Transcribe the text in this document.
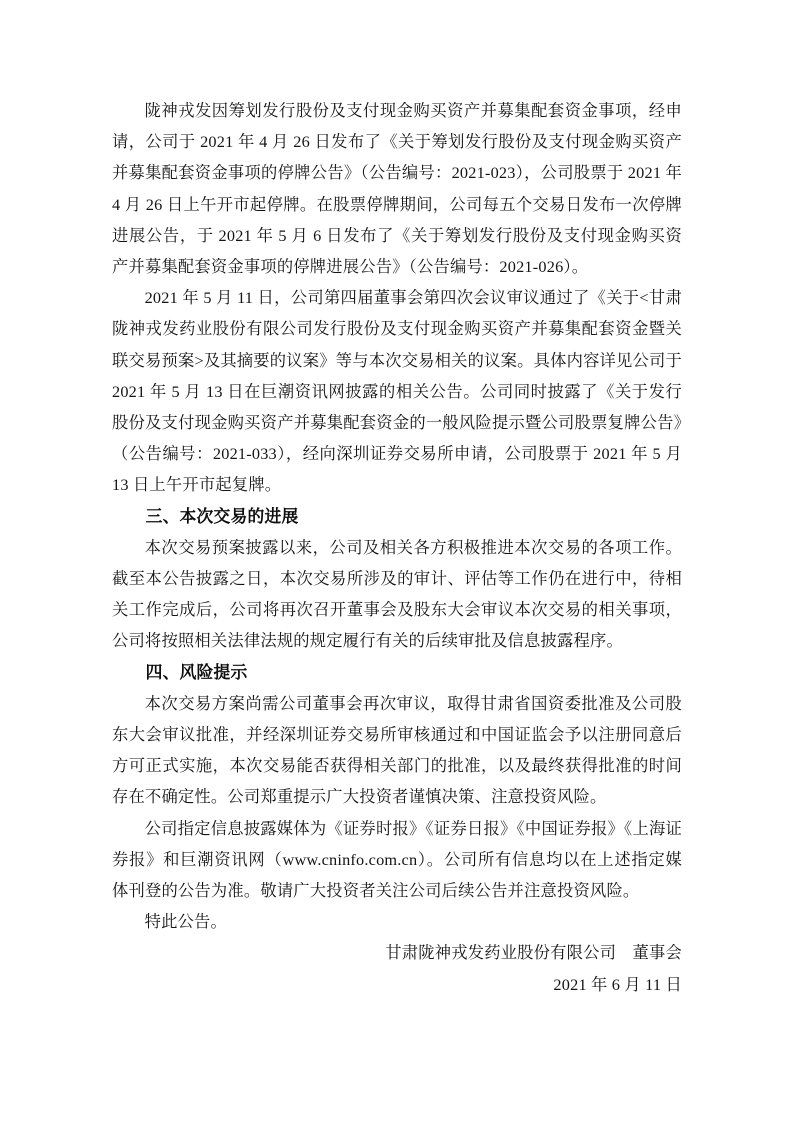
陇神戎发因筹划发行股份及支付现金购买资产并募集配套资金事项，经申请，公司于 2021 年 4 月 26 日发布了《关于筹划发行股份及支付现金购买资产并募集配套资金事项的停牌公告》（公告编号：2021-023），公司股票于 2021 年 4 月 26 日上午开市起停牌。在股票停牌期间，公司每五个交易日发布一次停牌进展公告，于 2021 年 5 月 6 日发布了《关于筹划发行股份及支付现金购买资产并募集配套资金事项的停牌进展公告》（公告编号：2021-026）。

2021 年 5 月 11 日，公司第四届董事会第四次会议审议通过了《关于<甘肃陇神戎发药业股份有限公司发行股份及支付现金购买资产并募集配套资金暨关联交易预案>及其摘要的议案》等与本次交易相关的议案。具体内容详见公司于 2021 年 5 月 13 日在巨潮资讯网披露的相关公告。公司同时披露了《关于发行股份及支付现金购买资产并募集配套资金的一般风险提示暨公司股票复牌公告》（公告编号：2021-033），经向深圳证券交易所申请，公司股票于 2021 年 5 月 13 日上午开市起复牌。

三、本次交易的进展

本次交易预案披露以来，公司及相关各方积极推进本次交易的各项工作。截至本公告披露之日，本次交易所涉及的审计、评估等工作仍在进行中，待相关工作完成后，公司将再次召开董事会及股东大会审议本次交易的相关事项，公司将按照相关法律法规的规定履行有关的后续审批及信息披露程序。

四、风险提示

本次交易方案尚需公司董事会再次审议，取得甘肃省国资委批准及公司股东大会审议批准，并经深圳证券交易所审核通过和中国证监会予以注册同意后方可正式实施，本次交易能否获得相关部门的批准，以及最终获得批准的时间存在不确定性。公司郑重提示广大投资者谨慎决策、注意投资风险。

公司指定信息披露媒体为《证券时报》《证券日报》《中国证券报》《上海证券报》和巨潮资讯网（www.cninfo.com.cn）。公司所有信息均以在上述指定媒体刊登的公告为准。敬请广大投资者关注公司后续公告并注意投资风险。

特此公告。

甘肃陇神戎发药业股份有限公司　董事会

2021 年 6 月 11 日
